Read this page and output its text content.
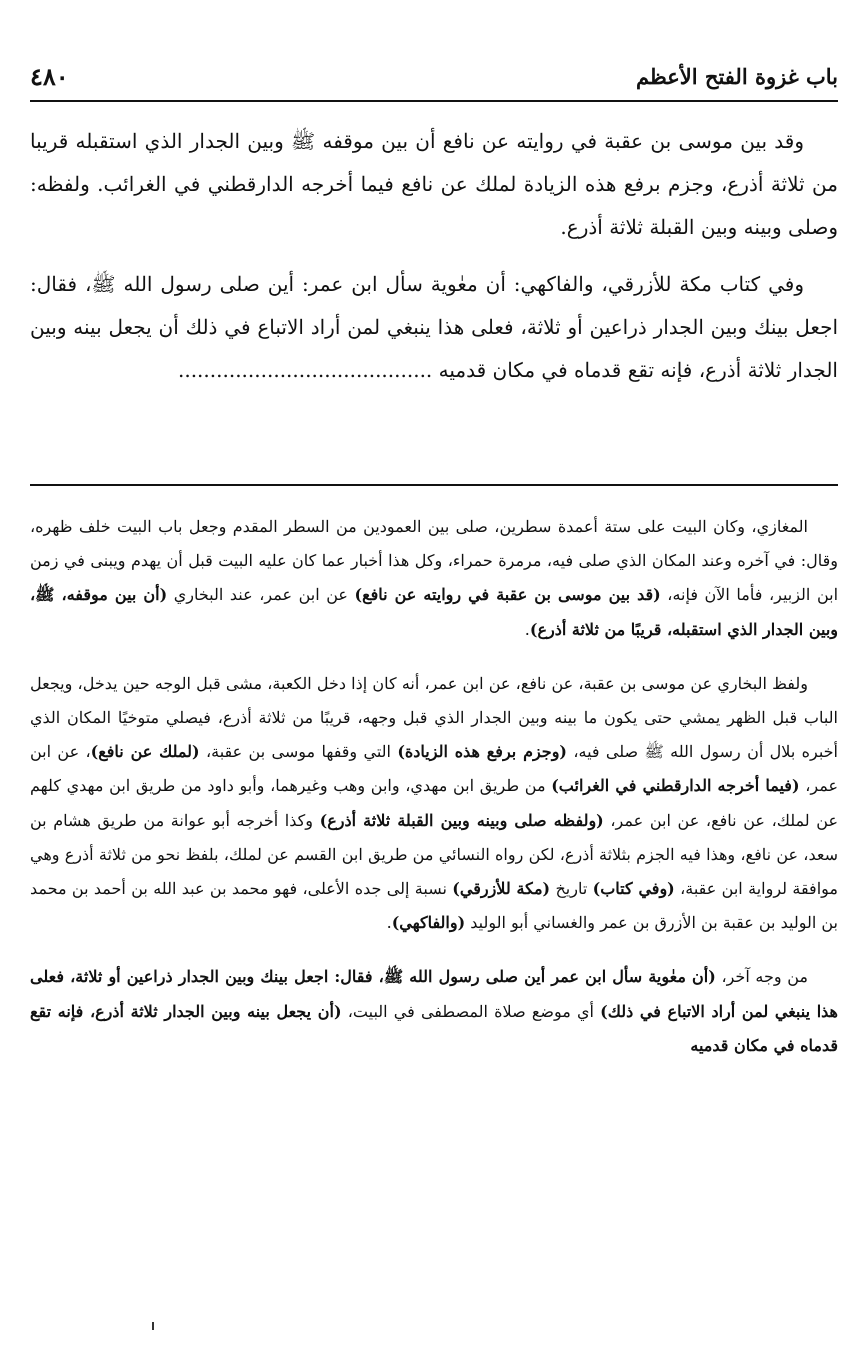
باب غزوة الفتح الأعظم
٤٨٠

وقد بين موسى بن عقبة في روايته عن نافع أن بين موقفه ﷺ وبين الجدار الذي استقبله قريبا من ثلاثة أذرع، وجزم برفع هذه الزيادة لملك عن نافع فيما أخرجه الدارقطني في الغرائب. ولفظه: وصلى وبينه وبين القبلة ثلاثة أذرع.

وفي كتاب مكة للأزرقي، والفاكهي: أن معٰوية سأل ابن عمر: أين صلى رسول الله ﷺ، فقال: اجعل بينك وبين الجدار ذراعين أو ثلاثة، فعلى هذا ينبغي لمن أراد الاتباع في ذلك أن يجعل بينه وبين الجدار ثلاثة أذرع، فإنه تقع قدماه في مكان قدميه ........................................

المغازي، وكان البيت على ستة أعمدة سطرين، صلى بين العمودين من السطر المقدم وجعل باب البيت خلف ظهره، وقال: في آخره وعند المكان الذي صلى فيه، مرمرة حمراء، وكل هذا أخبار عما كان عليه البيت قبل أن يهدم ويبنى في زمن ابن الزبير، فأما الآن فإنه، (قد بين موسى بن عقبة في روايته عن نافع) عن ابن عمر، عند البخاري (أن بين موقفه، ﷺ، وبين الجدار الذي استقبله، قريبًا من ثلاثة أذرع).

ولفظ البخاري عن موسى بن عقبة، عن نافع، عن ابن عمر، أنه كان إذا دخل الكعبة، مشى قبل الوجه حين يدخل، ويجعل الباب قبل الظهر يمشي حتى يكون ما بينه وبين الجدار الذي قبل وجهه، قريبًا من ثلاثة أذرع، فيصلي متوخيًا المكان الذي أخبره بلال أن رسول الله ﷺ صلى فيه، (وجزم برفع هذه الزيادة) التي وقفها موسى بن عقبة، (لملك عن نافع)، عن ابن عمر، (فيما أخرجه الدارقطني في الغرائب) من طريق ابن مهدي، وابن وهب وغيرهما، وأبو داود من طريق ابن مهدي كلهم عن لملك، عن نافع، عن ابن عمر، (ولفظه صلى وبينه وبين القبلة ثلاثة أذرع) وكذا أخرجه أبو عوانة من طريق هشام بن سعد، عن نافع، وهذا فيه الجزم بثلاثة أذرع، لكن رواه النسائي من طريق ابن القسم عن لملك، بلفظ نحو من ثلاثة أذرع وهي موافقة لرواية ابن عقبة، (وفي كتاب) تاريخ (مكة للأزرقي) نسبة إلى جده الأعلى، فهو محمد بن عبد الله بن أحمد بن محمد بن الوليد بن عقبة بن الأزرق بن عمر والغساني أبو الوليد (والفاكهي).

من وجه آخر، (أن معٰوية سأل ابن عمر أين صلى رسول الله ﷺ، فقال: اجعل بينك وبين الجدار ذراعين أو ثلاثة، فعلى هذا ينبغي لمن أراد الاتباع في ذلك) أي موضع صلاة المصطفى في البيت، (أن يجعل بينه وبين الجدار ثلاثة أذرع، فإنه تقع قدماه في مكان قدميه
